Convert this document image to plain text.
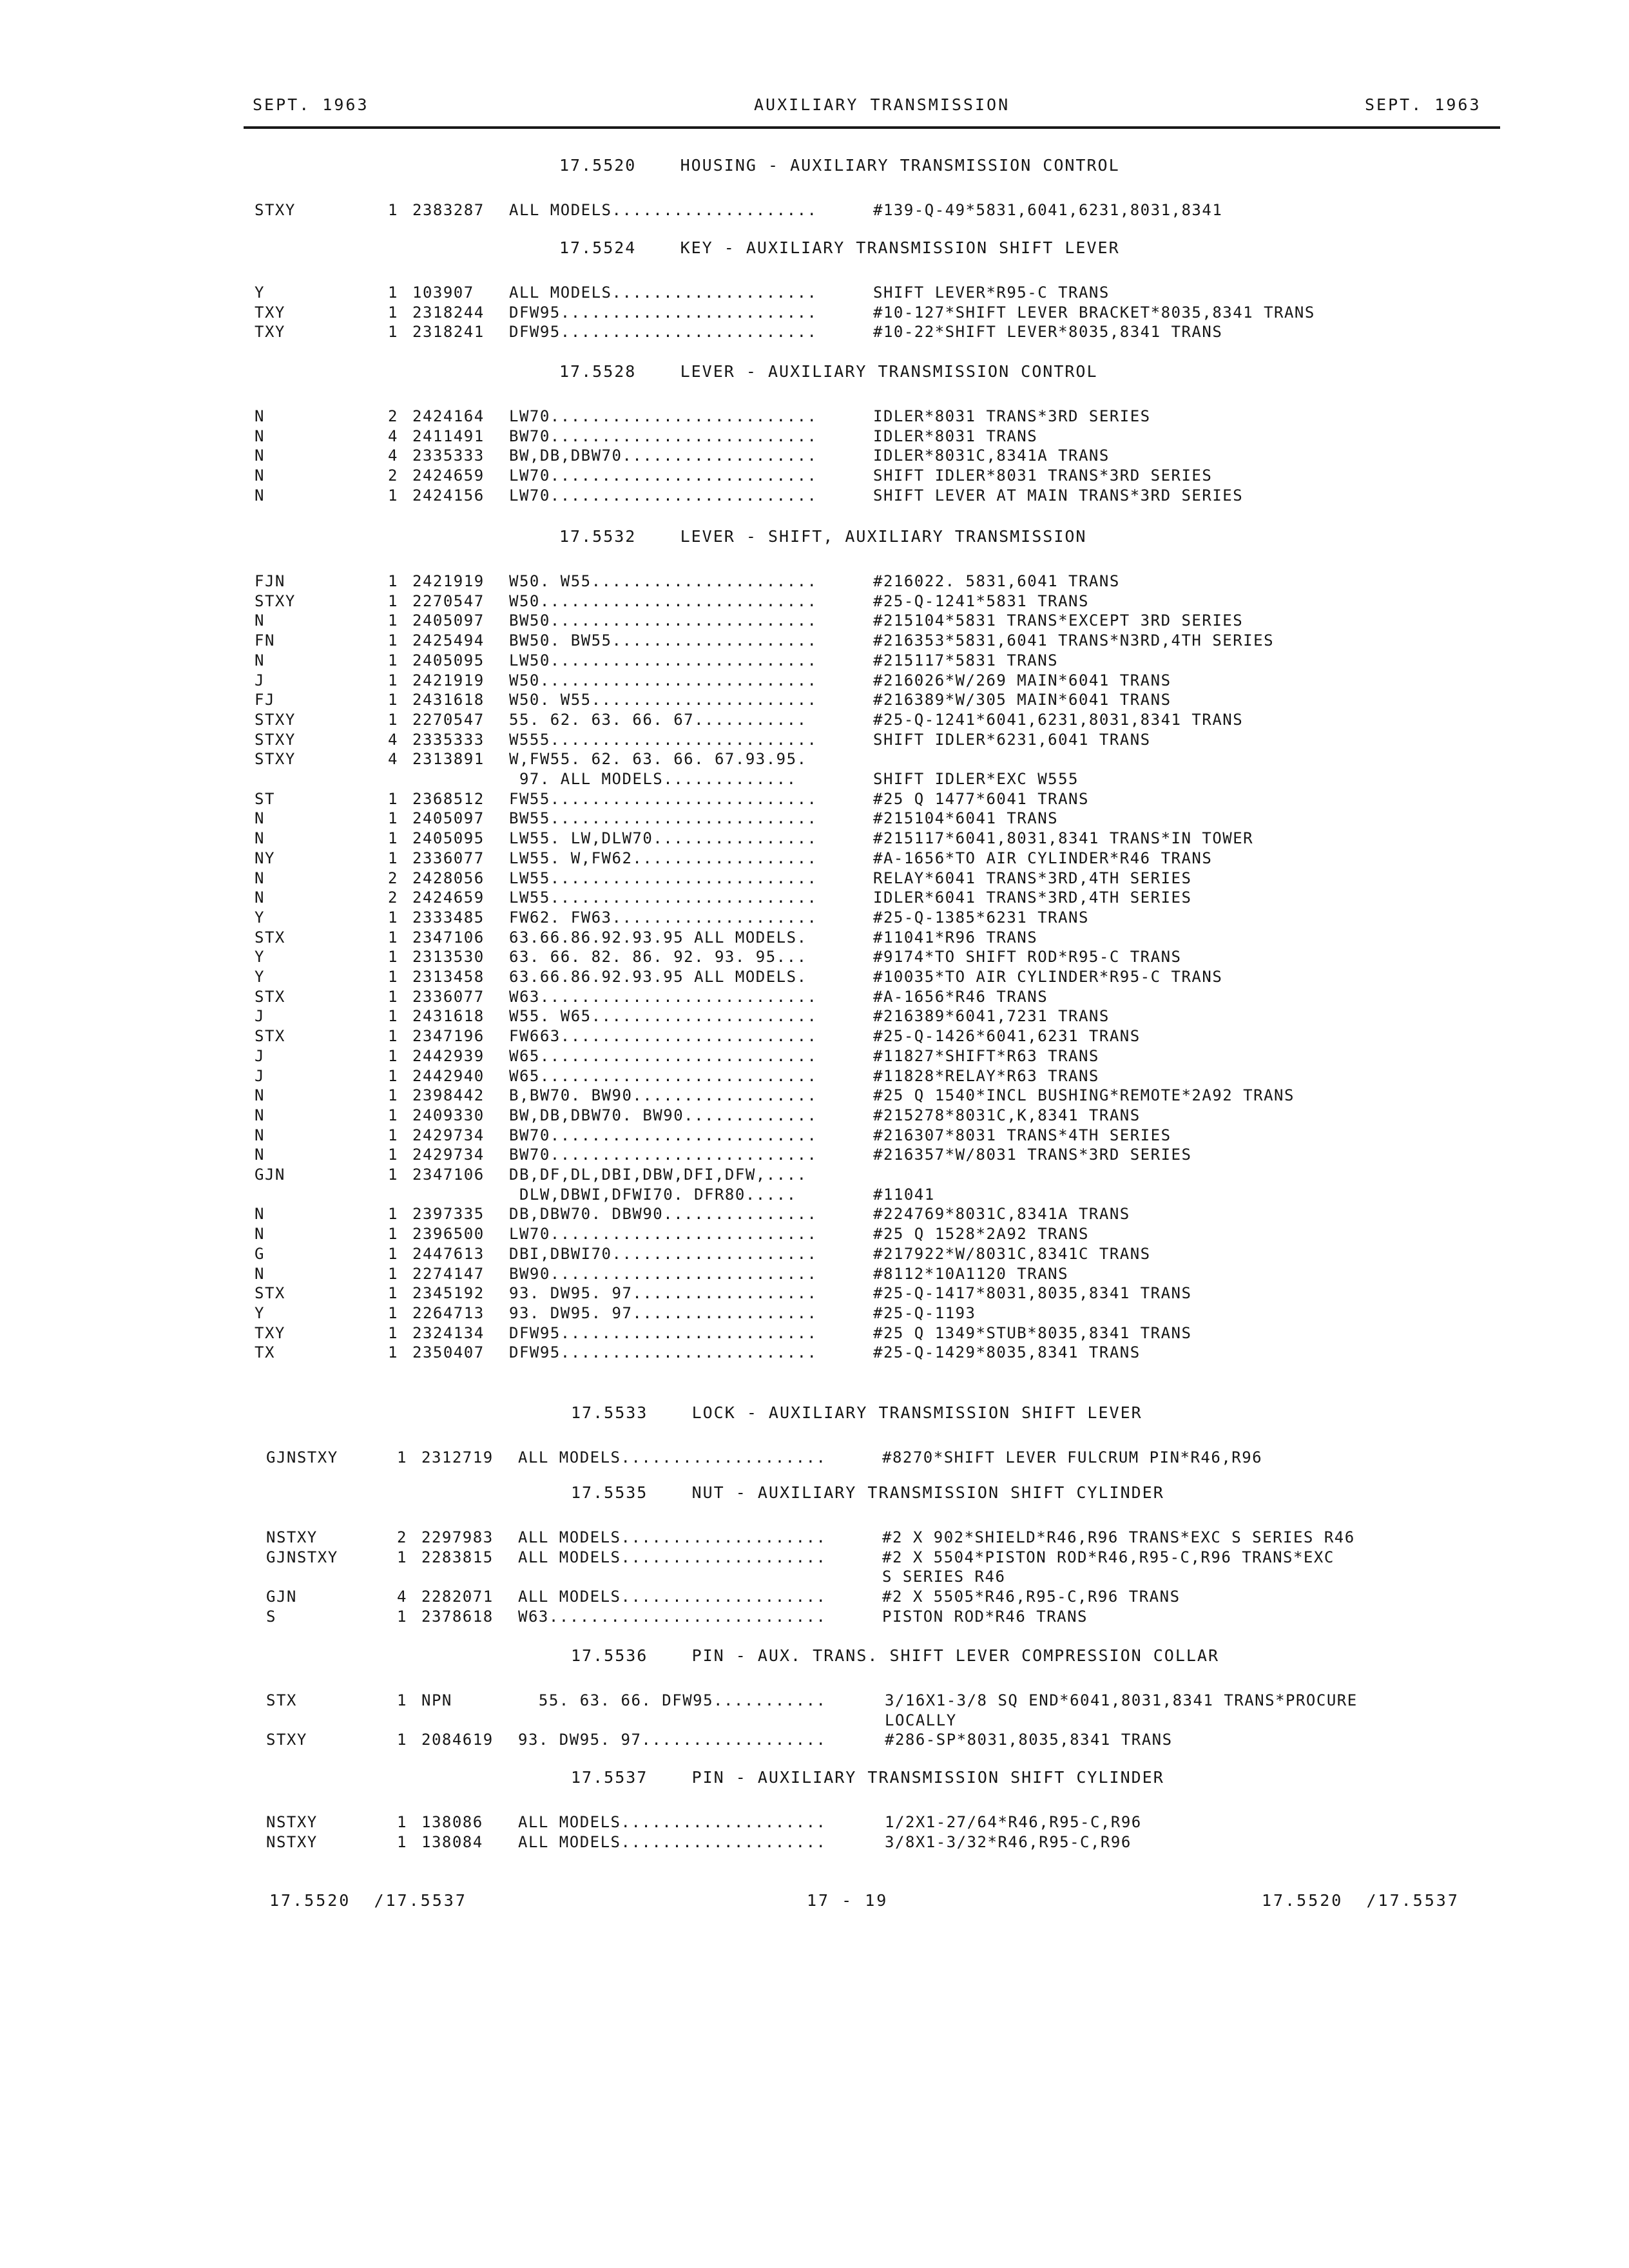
SEPT. 1963	AUXILIARY TRANSMISSION	SEPT. 1963
17.5520	HOUSING - AUXILIARY TRANSMISSION CONTROL
STXY	1 2383287 ALL MODELS....................	#139-Q-49*5831,6041,6231,8031,8341
17.5524	KEY - AUXILIARY TRANSMISSION SHIFT LEVER
Y	1 103907 ALL MODELS....................	SHIFT LEVER*R95-C TRANS
TXY	1 2318244 DFW95.........................	#10-127*SHIFT LEVER BRACKET*8035,8341 TRANS
TXY	1 2318241 DFW95.........................	#10-22*SHIFT LEVER*8035,8341 TRANS
17.5528	LEVER - AUXILIARY TRANSMISSION CONTROL
N	2 2424164 LW70..........................	IDLER*8031 TRANS*3RD SERIES
N	4 2411491 BW70..........................	IDLER*8031 TRANS
N	4 2335333 BW,DB,DBW70...................	IDLER*8031C,8341A TRANS
N	2 2424659 LW70..........................	SHIFT IDLER*8031 TRANS*3RD SERIES
N	1 2424156 LW70..........................	SHIFT LEVER AT MAIN TRANS*3RD SERIES
17.5532	LEVER - SHIFT, AUXILIARY TRANSMISSION
FJN	1 2421919 W50. W55......................	#216022. 5831,6041 TRANS
STXY	1 2270547 W50...........................	#25-Q-1241*5831 TRANS
N	1 2405097 BW50..........................	#215104*5831 TRANS*EXCEPT 3RD SERIES
FN	1 2425494 BW50. BW55....................	#216353*5831,6041 TRANS*N3RD,4TH SERIES
N	1 2405095 LW50..........................	#215117*5831 TRANS
J	1 2421919 W50...........................	#216026*W/269 MAIN*6041 TRANS
FJ	1 2431618 W50. W55......................	#216389*W/305 MAIN*6041 TRANS
STXY	1 2270547 55. 62. 63. 66. 67...........	#25-Q-1241*6041,6231,8031,8341 TRANS
STXY	4 2335333 W555..........................	SHIFT IDLER*6231,6041 TRANS
STXY	4 2313891 W,FW55. 62. 63. 66. 67.93.95.
97. ALL MODELS.............	SHIFT IDLER*EXC W555
ST	1 2368512 FW55..........................	#25 Q 1477*6041 TRANS
N	1 2405097 BW55..........................	#215104*6041 TRANS
N	1 2405095 LW55. LW,DLW70................	#215117*6041,8031,8341 TRANS*IN TOWER
NY	1 2336077 LW55. W,FW62..................	#A-1656*TO AIR CYLINDER*R46 TRANS
N	2 2428056 LW55..........................	RELAY*6041 TRANS*3RD,4TH SERIES
N	2 2424659 LW55..........................	IDLER*6041 TRANS*3RD,4TH SERIES
Y	1 2333485 FW62. FW63....................	#25-Q-1385*6231 TRANS
STX	1 2347106 63.66.86.92.93.95 ALL MODELS.	#11041*R96 TRANS
Y	1 2313530 63. 66. 82. 86. 92. 93. 95...	#9174*TO SHIFT ROD*R95-C TRANS
Y	1 2313458 63.66.86.92.93.95 ALL MODELS.	#10035*TO AIR CYLINDER*R95-C TRANS
STX	1 2336077 W63...........................	#A-1656*R46 TRANS
J	1 2431618 W55. W65......................	#216389*6041,7231 TRANS
STX	1 2347196 FW663.........................	#25-Q-1426*6041,6231 TRANS
J	1 2442939 W65...........................	#11827*SHIFT*R63 TRANS
J	1 2442940 W65...........................	#11828*RELAY*R63 TRANS
N	1 2398442 B,BW70. BW90..................	#25 Q 1540*INCL BUSHING*REMOTE*2A92 TRANS
N	1 2409330 BW,DB,DBW70. BW90.............	#215278*8031C,K,8341 TRANS
N	1 2429734 BW70..........................	#216307*8031 TRANS*4TH SERIES
N	1 2429734 BW70..........................	#216357*W/8031 TRANS*3RD SERIES
GJN	1 2347106 DB,DF,DL,DBI,DBW,DFI,DFW,....
DLW,DBWI,DFWI70. DFR80.....	#11041
N	1 2397335 DB,DBW70. DBW90...............	#224769*8031C,8341A TRANS
N	1 2396500 LW70..........................	#25 Q 1528*2A92 TRANS
G	1 2447613 DBI,DBWI70....................	#217922*W/8031C,8341C TRANS
N	1 2274147 BW90..........................	#8112*10A1120 TRANS
STX	1 2345192 93. DW95. 97..................	#25-Q-1417*8031,8035,8341 TRANS
Y	1 2264713 93. DW95. 97..................	#25-Q-1193
TXY	1 2324134 DFW95.........................	#25 Q 1349*STUB*8035,8341 TRANS
TX	1 2350407 DFW95.........................	#25-Q-1429*8035,8341 TRANS
17.5533	LOCK - AUXILIARY TRANSMISSION SHIFT LEVER
GJNSTXY	1 2312719 ALL MODELS....................	#8270*SHIFT LEVER FULCRUM PIN*R46,R96
17.5535	NUT - AUXILIARY TRANSMISSION SHIFT CYLINDER
NSTXY	2 2297983 ALL MODELS....................	#2 X 902*SHIELD*R46,R96 TRANS*EXC S SERIES R46
GJNSTXY	1 2283815 ALL MODELS....................	#2 X 5504*PISTON ROD*R46,R95-C,R96 TRANS*EXC
S SERIES R46
GJN	4 2282071 ALL MODELS....................	#2 X 5505*R46,R95-C,R96 TRANS
S	1 2378618 W63...........................	PISTON ROD*R46 TRANS
17.5536	PIN - AUX. TRANS. SHIFT LEVER COMPRESSION COLLAR
STX	1 NPN	55. 63. 66. DFW95...........	3/16X1-3/8 SQ END*6041,8031,8341 TRANS*PROCURE
LOCALLY
STXY	1 2084619 93. DW95. 97..................	#286-SP*8031,8035,8341 TRANS
17.5537	PIN - AUXILIARY TRANSMISSION SHIFT CYLINDER
NSTXY	1 138086 ALL MODELS....................	1/2X1-27/64*R46,R95-C,R96
NSTXY	1 138084 ALL MODELS....................	3/8X1-3/32*R46,R95-C,R96
17.5520  /17.5537	17 - 19	17.5520  /17.5537
